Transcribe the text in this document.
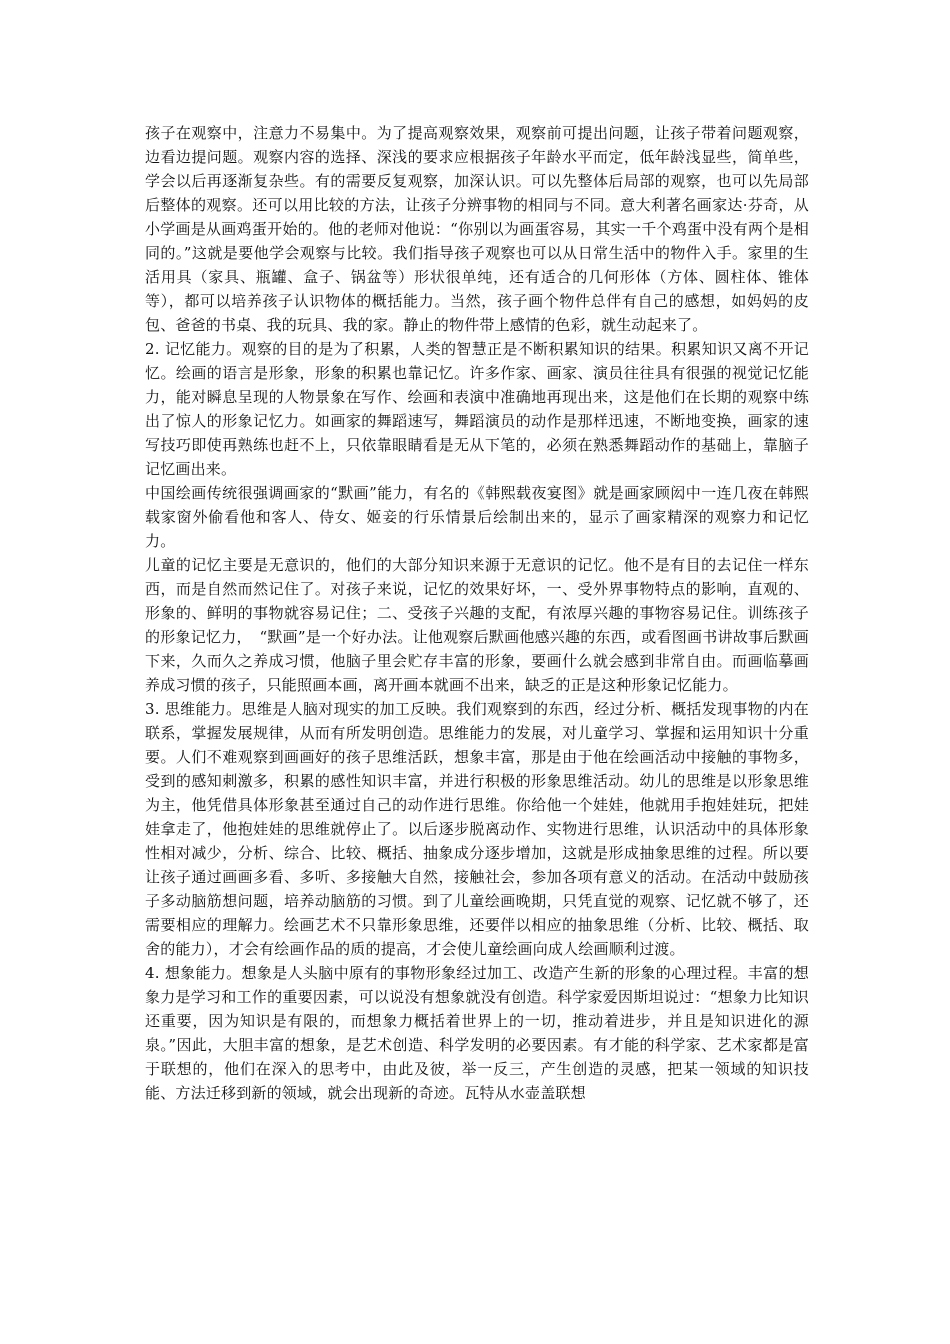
孩子在观察中，注意力不易集中。为了提高观察效果，观察前可提出问题，让孩子带着问题观察，边看边提问题。观察内容的选择、深浅的要求应根据孩子年龄水平而定，低年龄浅显些，简单些，学会以后再逐渐复杂些。有的需要反复观察，加深认识。可以先整体后局部的观察，也可以先局部后整体的观察。还可以用比较的方法，让孩子分辨事物的相同与不同。意大利著名画家达·芬奇，从小学画是从画鸡蛋开始的。他的老师对他说：“你别以为画蛋容易，其实一千个鸡蛋中没有两个是相同的。”这就是要他学会观察与比较。我们指导孩子观察也可以从日常生活中的物件入手。家里的生活用具（家具、瓶罐、盒子、锅盆等）形状很单纯，还有适合的几何形体（方体、圆柱体、锥体等），都可以培养孩子认识物体的概括能力。当然，孩子画个物件总伴有自己的感想，如妈妈的皮包、爸爸的书桌、我的玩具、我的家。静止的物件带上感情的色彩，就生动起来了。

2. 记忆能力。观察的目的是为了积累，人类的智慧正是不断积累知识的结果。积累知识又离不开记忆。绘画的语言是形象，形象的积累也靠记忆。许多作家、画家、演员往往具有很强的视觉记忆能力，能对瞬息呈现的人物景象在写作、绘画和表演中准确地再现出来，这是他们在长期的观察中练出了惊人的形象记忆力。如画家的舞蹈速写，舞蹈演员的动作是那样迅速，不断地变换，画家的速写技巧即使再熟练也赶不上，只依靠眼睛看是无从下笔的，必须在熟悉舞蹈动作的基础上，靠脑子记忆画出来。

中国绘画传统很强调画家的“默画”能力，有名的《韩熙载夜宴图》就是画家顾闳中一连几夜在韩熙载家窗外偷看他和客人、侍女、姬妾的行乐情景后绘制出来的，显示了画家精深的观察力和记忆力。

儿童的记忆主要是无意识的，他们的大部分知识来源于无意识的记忆。他不是有目的去记住一样东西，而是自然而然记住了。对孩子来说，记忆的效果好坏，一、受外界事物特点的影响，直观的、形象的、鲜明的事物就容易记住；二、受孩子兴趣的支配，有浓厚兴趣的事物容易记住。训练孩子的形象记忆力，　“默画”是一个好办法。让他观察后默画他感兴趣的东西，或看图画书讲故事后默画下来，久而久之养成习惯，他脑子里会贮存丰富的形象，要画什么就会感到非常自由。而画临摹画养成习惯的孩子，只能照画本画，离开画本就画不出来，缺乏的正是这种形象记忆能力。

3. 思维能力。思维是人脑对现实的加工反映。我们观察到的东西，经过分析、概括发现事物的内在联系，掌握发展规律，从而有所发明创造。思维能力的发展，对儿童学习、掌握和运用知识十分重要。人们不难观察到画画好的孩子思维活跃，想象丰富，那是由于他在绘画活动中接触的事物多，受到的感知刺激多，积累的感性知识丰富，并进行积极的形象思维活动。幼儿的思维是以形象思维为主，他凭借具体形象甚至通过自己的动作进行思维。你给他一个娃娃，他就用手抱娃娃玩，把娃娃拿走了，他抱娃娃的思维就停止了。以后逐步脱离动作、实物进行思维，认识活动中的具体形象性相对减少，分析、综合、比较、概括、抽象成分逐步增加，这就是形成抽象思维的过程。所以要让孩子通过画画多看、多听、多接触大自然，接触社会，参加各项有意义的活动。在活动中鼓励孩子多动脑筋想问题，培养动脑筋的习惯。到了儿童绘画晚期，只凭直觉的观察、记忆就不够了，还需要相应的理解力。绘画艺术不只靠形象思维，还要伴以相应的抽象思维（分析、比较、概括、取舍的能力），才会有绘画作品的质的提高，才会使儿童绘画向成人绘画顺利过渡。

4. 想象能力。想象是人头脑中原有的事物形象经过加工、改造产生新的形象的心理过程。丰富的想象力是学习和工作的重要因素，可以说没有想象就没有创造。科学家爱因斯坦说过：“想象力比知识还重要，因为知识是有限的，而想象力概括着世界上的一切，推动着进步，并且是知识进化的源泉。”因此，大胆丰富的想象，是艺术创造、科学发明的必要因素。有才能的科学家、艺术家都是富于联想的，他们在深入的思考中，由此及彼，举一反三，产生创造的灵感，把某一领域的知识技能、方法迁移到新的领域，就会出现新的奇迹。瓦特从水壶盖联想
